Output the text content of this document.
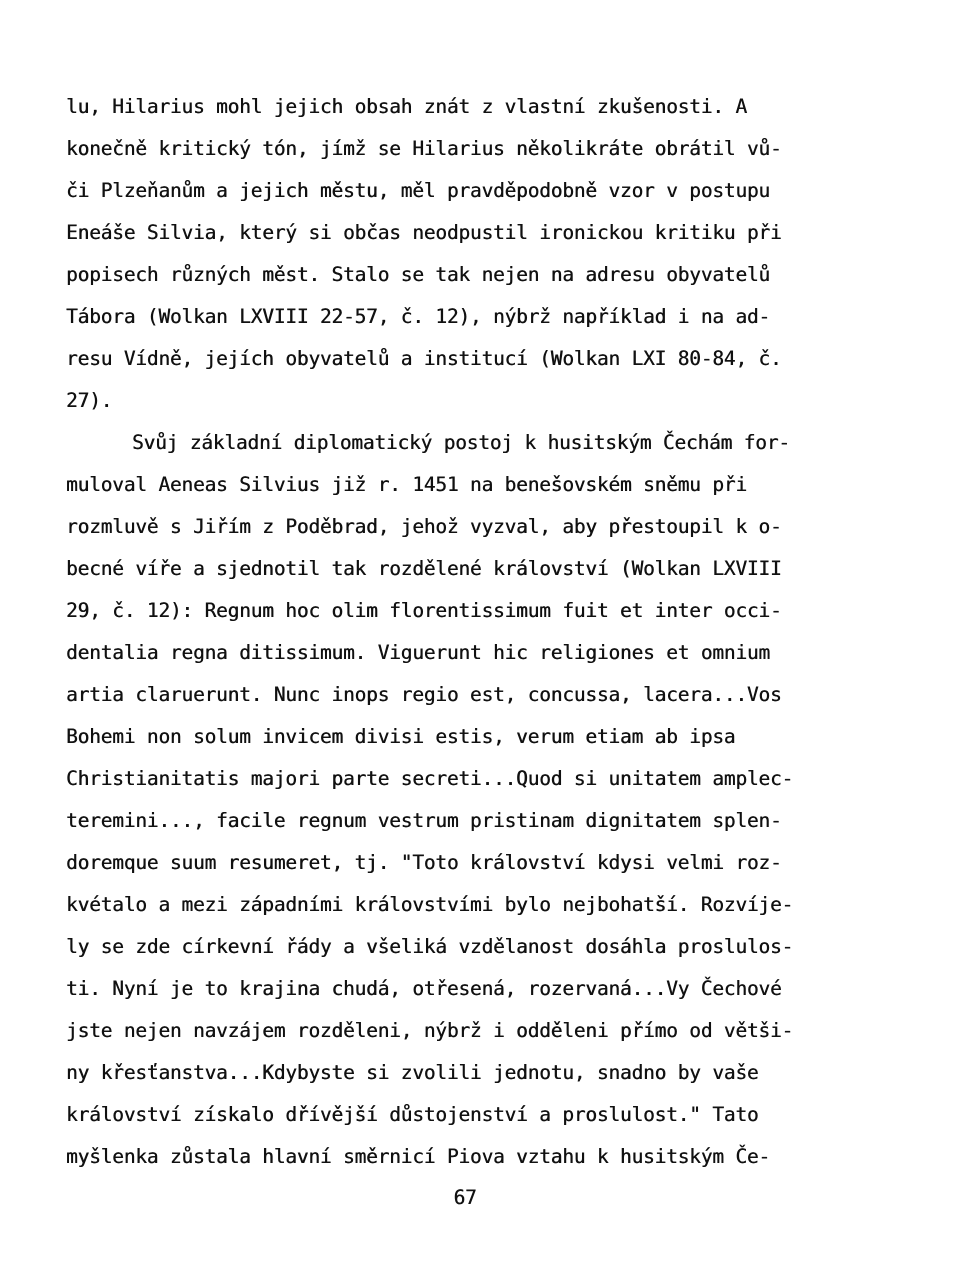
lu, Hilarius mohl jejich obsah znát z vlastní zkušenosti. A
konečně kritický tón, jímž se Hilarius několikráte obrátil vů-
či Plzeňanům a jejich městu, měl pravděpodobně vzor v postupu
Eneáše Silvia, který si občas neodpustil ironickou kritiku při
popisech různých měst. Stalo se tak nejen na adresu obyvatelů
Tábora (Wolkan LXVIII 22-57, č. 12), nýbrž například i na ad-
resu Vídně, jejích obyvatelů a institucí (Wolkan LXI 80-84, č.
27).
Svůj základní diplomatický postoj k husitským Čechám for-
muloval Aeneas Silvius již r. 1451 na benešovském sněmu při
rozmluvě s Jiřím z Poděbrad, jehož vyzval, aby přestoupil k o-
becné víře a sjednotil tak rozdělené království (Wolkan LXVIII
29, č. 12): Regnum hoc olim florentissimum fuit et inter occi-
dentalia regna ditissimum. Viguerunt hic religiones et omnium
artia claruerunt. Nunc inops regio est, concussa, lacera...Vos
Bohemi non solum invicem divisi estis, verum etiam ab ipsa
Christianitatis majori parte secreti...Quod si unitatem amplec-
teremini..., facile regnum vestrum pristinam dignitatem splen-
doremque suum resumeret, tj. "Toto království kdysi velmi roz-
kvétalo a mezi západními královstvími bylo nejbohatší. Rozvíje-
ly se zde církevní řády a všeliká vzdělanost dosáhla proslulos-
ti. Nyní je to krajina chudá, otřesená, rozervaná...Vy Čechové
jste nejen navzájem rozděleni, nýbrž i odděleni přímo od větši-
ny křesťanstva...Kdybyste si zvolili jednotu, snadno by vaše
království získalo dřívější důstojenství a proslulost." Tato
myšlenka zůstala hlavní směrnicí Piova vztahu k husitským Če-
67
